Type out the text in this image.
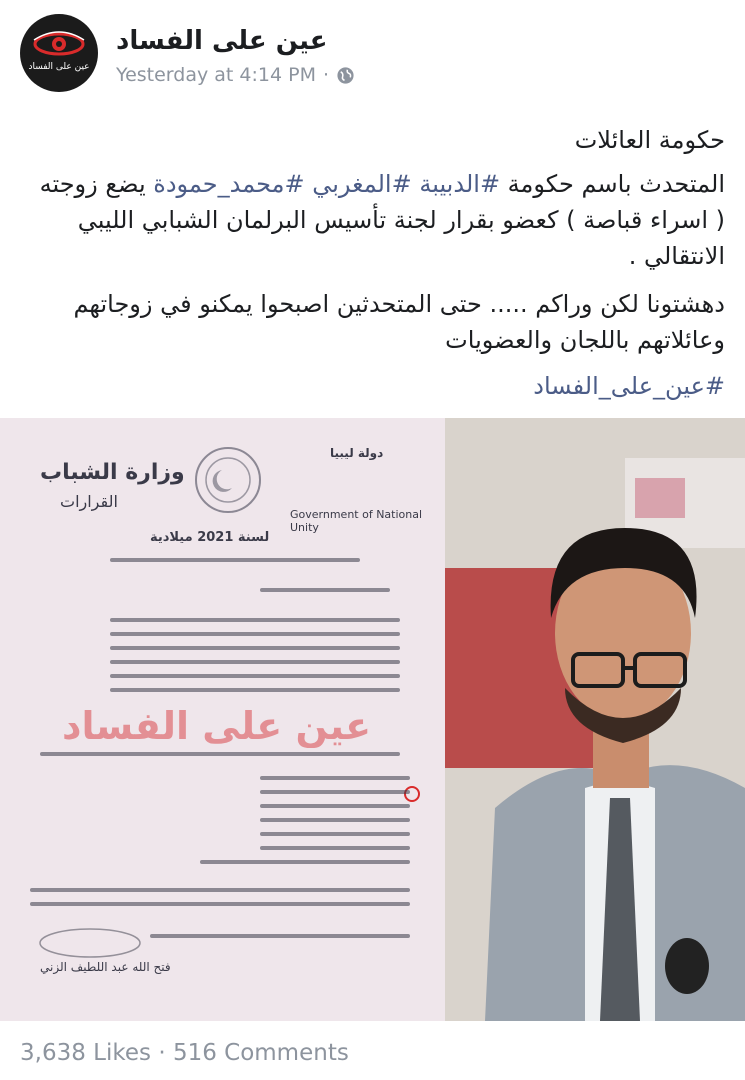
عين على الفساد
عين على الفساد
Yesterday at 4:14 PM ·
حكومة العائلات
المتحدث باسم حكومة #الدبيبة #المغربي #محمد_حمودة يضع زوجته ( اسراء قباصة ) كعضو بقرار لجنة تأسيس البرلمان الشبابي الليبي الانتقالي .
دهشتونا لكن وراكم ..... حتى المتحدثين اصبحوا يمكنو في زوجاتهم وعائلاتهم باللجان والعضويات
#عين_على_الفساد
دولة ليبيا
Government of National Unity
وزارة الشباب
القرارات
لسنة 2021 ميلادية
فتح الله عبد اللطيف الزني
عين على الفساد
3,638 Likes · 516 Comments
